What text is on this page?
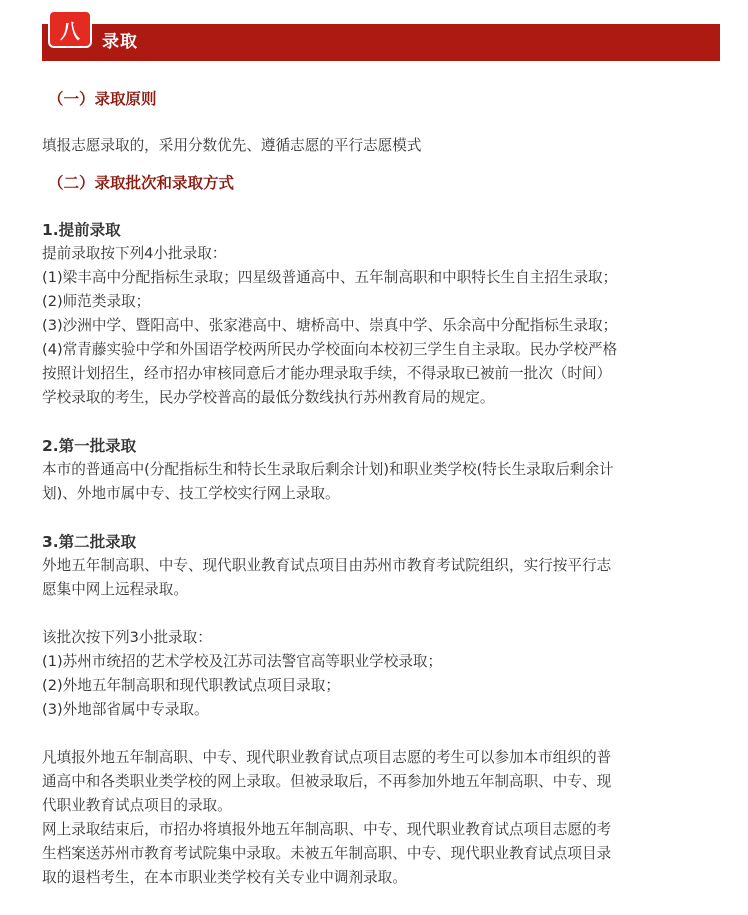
八	录取
（一）录取原则
填报志愿录取的，采用分数优先、遵循志愿的平行志愿模式
（二）录取批次和录取方式
1.提前录取
提前录取按下列4小批录取：
(1)梁丰高中分配指标生录取；四星级普通高中、五年制高职和中职特长生自主招生录取；
(2)师范类录取；
(3)沙洲中学、暨阳高中、张家港高中、塘桥高中、崇真中学、乐余高中分配指标生录取；
(4)常青藤实验中学和外国语学校两所民办学校面向本校初三学生自主录取。民办学校严格
按照计划招生，经市招办审核同意后才能办理录取手续，不得录取已被前一批次（时间）
学校录取的考生，民办学校普高的最低分数线执行苏州教育局的规定。
2.第一批录取
本市的普通高中(分配指标生和特长生录取后剩余计划)和职业类学校(特长生录取后剩余计
划)、外地市属中专、技工学校实行网上录取。
3.第二批录取
外地五年制高职、中专、现代职业教育试点项目由苏州市教育考试院组织，实行按平行志
愿集中网上远程录取。
该批次按下列3小批录取：
(1)苏州市统招的艺术学校及江苏司法警官高等职业学校录取；
(2)外地五年制高职和现代职教试点项目录取；
(3)外地部省属中专录取。
凡填报外地五年制高职、中专、现代职业教育试点项目志愿的考生可以参加本市组织的普
通高中和各类职业类学校的网上录取。但被录取后，不再参加外地五年制高职、中专、现
代职业教育试点项目的录取。
网上录取结束后，市招办将填报外地五年制高职、中专、现代职业教育试点项目志愿的考
生档案送苏州市教育考试院集中录取。未被五年制高职、中专、现代职业教育试点项目录
取的退档考生，在本市职业类学校有关专业中调剂录取。
